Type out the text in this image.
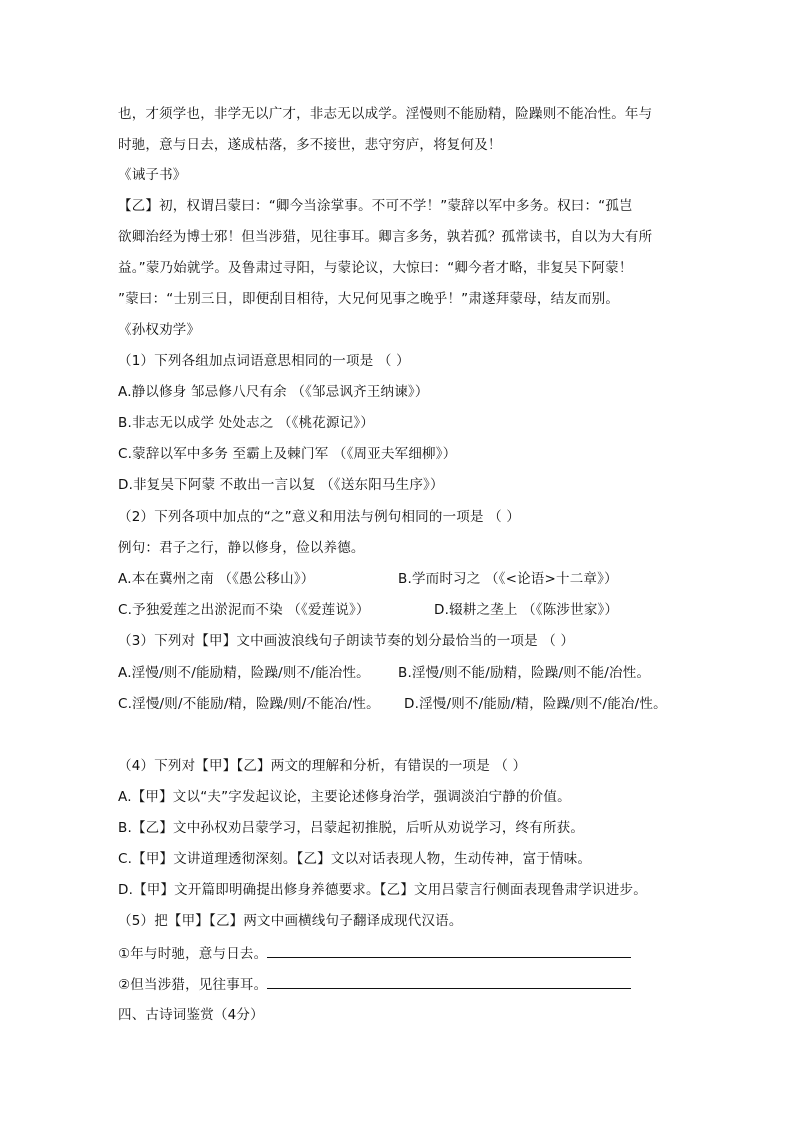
也，才须学也，非学无以广才，非志无以成学。淫慢则不能励精，险躁则不能冶性。年与
时驰，意与日去，遂成枯落，多不接世，悲守穷庐，将复何及！
《诫子书》
【乙】初，权谓吕蒙曰：“卿今当涂掌事。不可不学！”蒙辞以军中多务。权曰：“孤岂
欲卿治经为博士邪！但当涉猎，见往事耳。卿言多务，孰若孤？孤常读书，自以为大有所
益。”蒙乃始就学。及鲁肃过寻阳，与蒙论议，大惊曰：“卿今者才略，非复吴下阿蒙！
”蒙曰：“士别三日，即便刮目相待，大兄何见事之晚乎！”肃遂拜蒙母，结友而别。
《孙权劝学》
（1）下列各组加点词语意思相同的一项是 （ ）
A.静以修身 邹忌修八尺有余 （《邹忌讽齐王纳谏》）
B.非志无以成学 处处志之 （《桃花源记》）
C.蒙辞以军中多务 至霸上及棘门军 （《周亚夫军细柳》）
D.非复吴下阿蒙 不敢出一言以复 （《送东阳马生序》）
（2）下列各项中加点的“之”意义和用法与例句相同的一项是 （ ）
例句：君子之行，静以修身，俭以养德。
A.本在冀州之南 （《愚公移山》）	B.学而时习之 （《<论语>十二章》）
C.予独爱莲之出淤泥而不染 （《爱莲说》）	D.辍耕之垄上 （《陈涉世家》）
（3）下列对【甲】文中画波浪线句子朗读节奏的划分最恰当的一项是 （ ）
A.淫慢/则不/能励精，险躁/则不/能冶性。 B.淫慢/则不能/励精，险躁/则不能/冶性。
C.淫慢/则/不能励/精，险躁/则/不能冶/性。 D.淫慢/则不/能励/精，险躁/则不/能冶/性。
（4）下列对【甲】【乙】两文的理解和分析，有错误的一项是 （ ）
A.【甲】文以“夫”字发起议论，主要论述修身治学，强调淡泊宁静的价值。
B.【乙】文中孙权劝吕蒙学习，吕蒙起初推脱，后听从劝说学习，终有所获。
C.【甲】文讲道理透彻深刻。【乙】文以对话表现人物，生动传神，富于情味。
D.【甲】文开篇即明确提出修身养德要求。【乙】文用吕蒙言行侧面表现鲁肃学识进步。
（5）把【甲】【乙】两文中画横线句子翻译成现代汉语。
①年与时驰，意与日去。
②但当涉猎，见往事耳。
四、古诗词鉴赏（4分）
